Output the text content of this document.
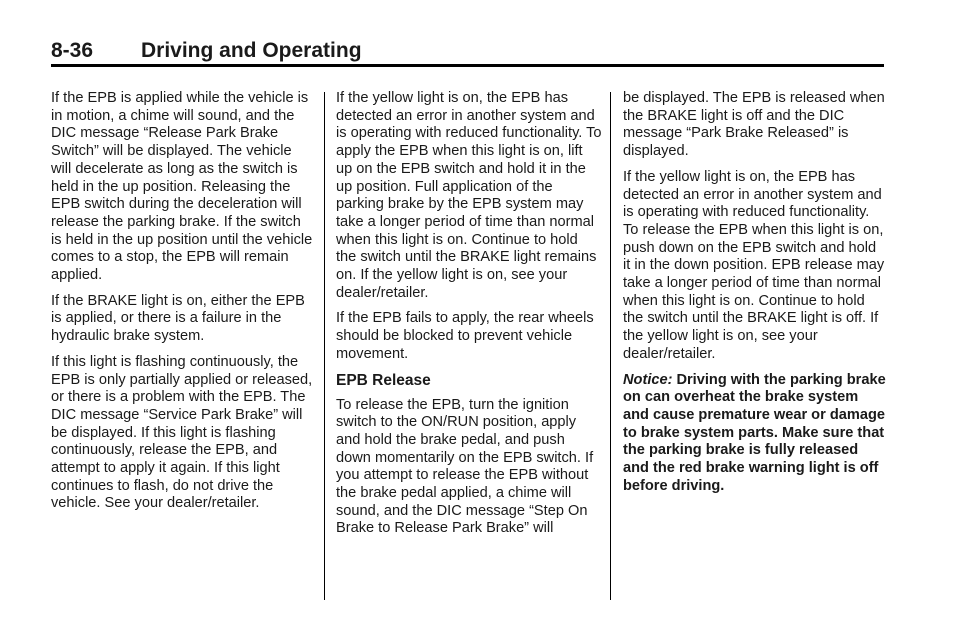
8-36 Driving and Operating

If the EPB is applied while the vehicle is in motion, a chime will sound, and the DIC message “Release Park Brake Switch” will be displayed. The vehicle will decelerate as long as the switch is held in the up position. Releasing the EPB switch during the deceleration will release the parking brake. If the switch is held in the up position until the vehicle comes to a stop, the EPB will remain applied.

If the BRAKE light is on, either the EPB is applied, or there is a failure in the hydraulic brake system.

If this light is flashing continuously, the EPB is only partially applied or released, or there is a problem with the EPB. The DIC message “Service Park Brake” will be displayed. If this light is flashing continuously, release the EPB, and attempt to apply it again. If this light continues to flash, do not drive the vehicle. See your dealer/retailer.

If the yellow light is on, the EPB has detected an error in another system and is operating with reduced functionality. To apply the EPB when this light is on, lift up on the EPB switch and hold it in the up position. Full application of the parking brake by the EPB system may take a longer period of time than normal when this light is on. Continue to hold the switch until the BRAKE light remains on. If the yellow light is on, see your dealer/retailer.

If the EPB fails to apply, the rear wheels should be blocked to prevent vehicle movement.

EPB Release

To release the EPB, turn the ignition switch to the ON/RUN position, apply and hold the brake pedal, and push down momentarily on the EPB switch. If you attempt to release the EPB without the brake pedal applied, a chime will sound, and the DIC message “Step On Brake to Release Park Brake” will

be displayed. The EPB is released when the BRAKE light is off and the DIC message “Park Brake Released” is displayed.

If the yellow light is on, the EPB has detected an error in another system and is operating with reduced functionality. To release the EPB when this light is on, push down on the EPB switch and hold it in the down position. EPB release may take a longer period of time than normal when this light is on. Continue to hold the switch until the BRAKE light is off. If the yellow light is on, see your dealer/retailer.

Notice: Driving with the parking brake on can overheat the brake system and cause premature wear or damage to brake system parts. Make sure that the parking brake is fully released and the red brake warning light is off before driving.
